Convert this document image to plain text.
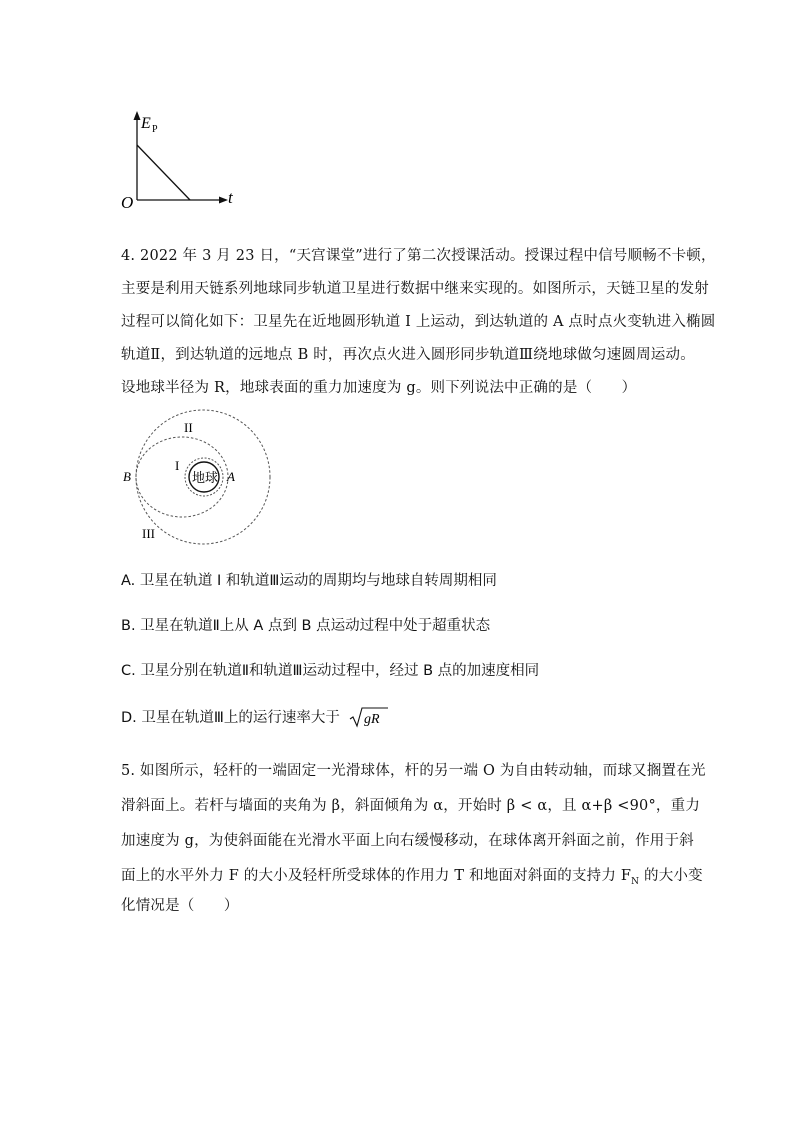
E P
t
O
4. 2022 年 3 月 23 日，“天宫课堂”进行了第二次授课活动。授课过程中信号顺畅不卡顿，
主要是利用天链系列地球同步轨道卫星进行数据中继来实现的。如图所示，天链卫星的发射
过程可以简化如下：卫星先在近地圆形轨道 I 上运动，到达轨道的 A 点时点火变轨进入椭圆
轨道Ⅱ，到达轨道的远地点 B 时，再次点火进入圆形同步轨道Ⅲ绕地球做匀速圆周运动。
设地球半径为 R，地球表面的重力加速度为 g。则下列说法中正确的是（　　）
地球
I
II
III
A
B
A. 卫星在轨道 I 和轨道Ⅲ运动的周期均与地球自转周期相同
B. 卫星在轨道Ⅱ上从 A 点到 B 点运动过程中处于超重状态
C. 卫星分别在轨道Ⅱ和轨道Ⅲ运动过程中，经过 B 点的加速度相同
D. 卫星在轨道Ⅲ上的运行速率大于 gR
5. 如图所示，轻杆的一端固定一光滑球体，杆的另一端 O 为自由转动轴，而球又搁置在光
滑斜面上。若杆与墙面的夹角为 β，斜面倾角为 α，开始时 β < α，且 α+β <90°，重力
加速度为 g，为使斜面能在光滑水平面上向右缓慢移动，在球体离开斜面之前，作用于斜
面上的水平外力 F 的大小及轻杆所受球体的作用力 T 和地面对斜面的支持力 $F_N$ 的大小变
化情况是（　　）
